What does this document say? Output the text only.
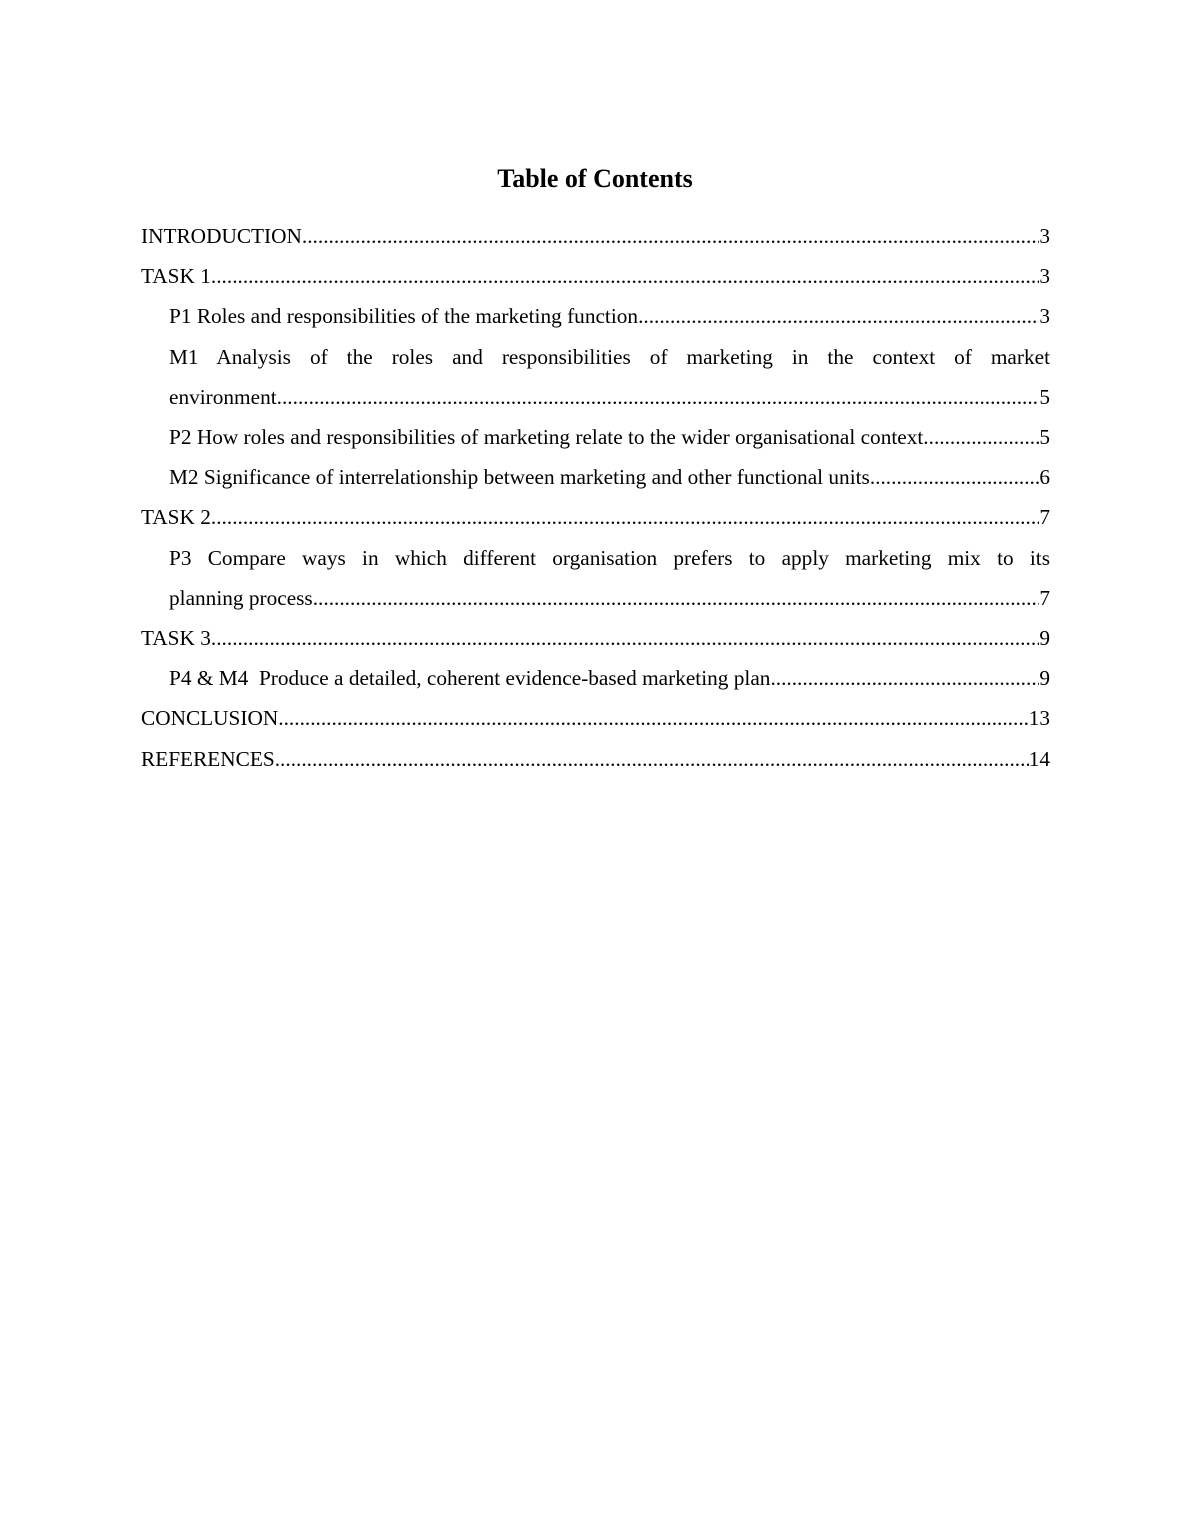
Table of Contents
INTRODUCTION .....	3
TASK 1 .....	3
P1 Roles and responsibilities of the marketing function .....	3
M1 Analysis of the roles and responsibilities of marketing in the context of market
environment .....	5
P2 How roles and responsibilities of marketing relate to the wider organisational context .....	5
M2 Significance of interrelationship between marketing and other functional units .....	6
TASK 2 .....	7
P3 Compare ways in which different organisation prefers to apply marketing mix to its
planning process .....	7
TASK 3 .....	9
P4 & M4  Produce a detailed, coherent evidence-based marketing plan .....	9
CONCLUSION .....	13
REFERENCES .....	14
